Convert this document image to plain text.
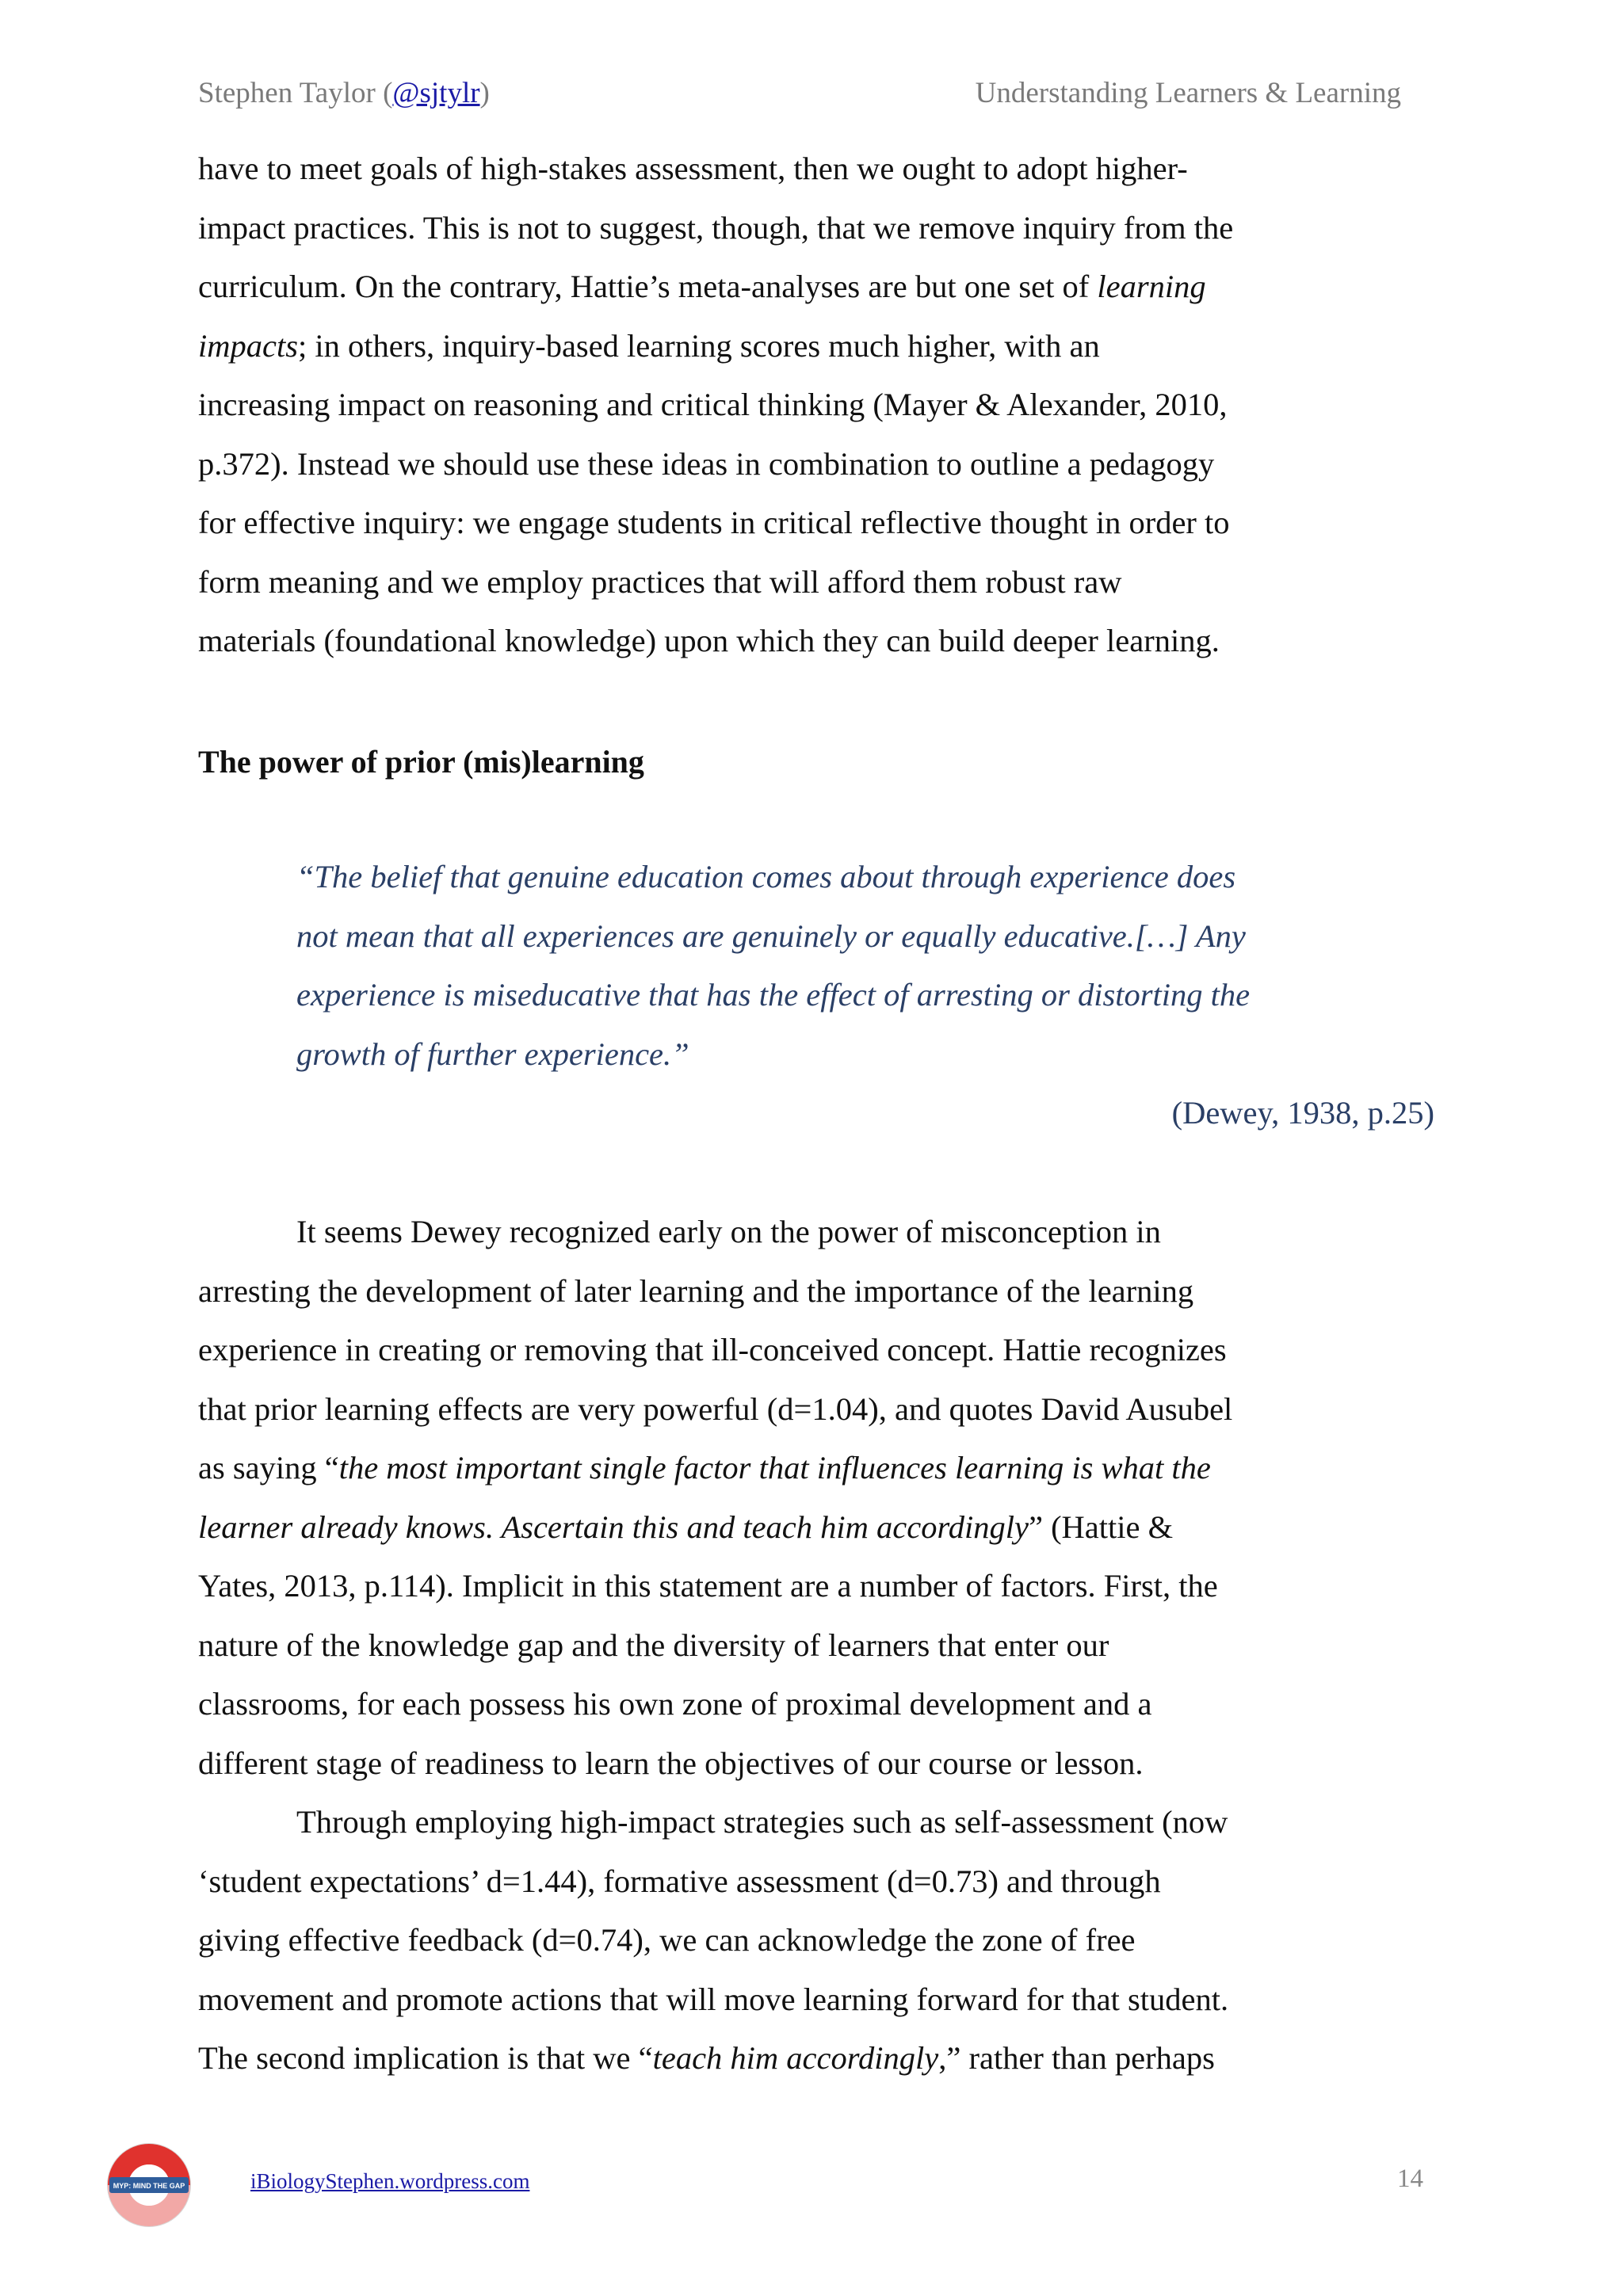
Stephen Taylor (@sjtylr)	Understanding Learners & Learning
have to meet goals of high-stakes assessment, then we ought to adopt higher-
impact practices. This is not to suggest, though, that we remove inquiry from the
curriculum. On the contrary, Hattie’s meta-analyses are but one set of learning
impacts; in others, inquiry-based learning scores much higher, with an
increasing impact on reasoning and critical thinking (Mayer & Alexander, 2010,
p.372). Instead we should use these ideas in combination to outline a pedagogy
for effective inquiry: we engage students in critical reflective thought in order to
form meaning and we employ practices that will afford them robust raw
materials (foundational knowledge) upon which they can build deeper learning.
The power of prior (mis)learning
“The belief that genuine education comes about through experience does
not mean that all experiences are genuinely or equally educative.[…] Any
experience is miseducative that has the effect of arresting or distorting the
growth of further experience.”
(Dewey, 1938, p.25)
It seems Dewey recognized early on the power of misconception in
arresting the development of later learning and the importance of the learning
experience in creating or removing that ill-conceived concept. Hattie recognizes
that prior learning effects are very powerful (d=1.04), and quotes David Ausubel
as saying “the most important single factor that influences learning is what the
learner already knows. Ascertain this and teach him accordingly” (Hattie &
Yates, 2013, p.114). Implicit in this statement are a number of factors. First, the
nature of the knowledge gap and the diversity of learners that enter our
classrooms, for each possess his own zone of proximal development and a
different stage of readiness to learn the objectives of our course or lesson.
Through employing high-impact strategies such as self-assessment (now
‘student expectations’ d=1.44), formative assessment (d=0.73) and through
giving effective feedback (d=0.74), we can acknowledge the zone of free
movement and promote actions that will move learning forward for that student.
The second implication is that we “teach him accordingly,” rather than perhaps
MYP: MIND THE GAP	iBiologyStephen.wordpress.com	14
